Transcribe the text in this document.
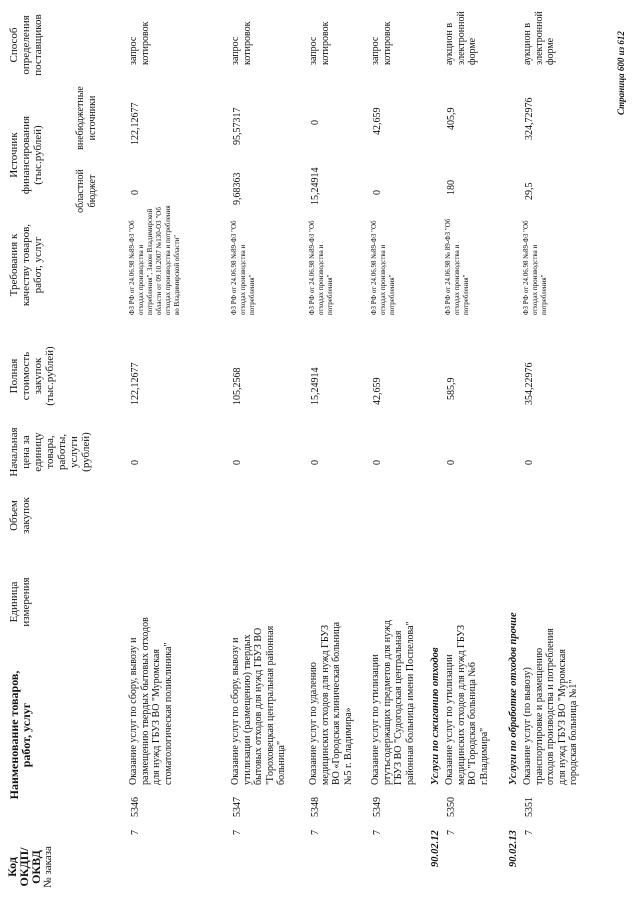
Код
ОКДП/
ОКВД № заказа
Наименование товаров, работ, услуг
Единица измерения
Объем закупок
Начальная цена за единицу товара, работы, услуги (рублей)
Полная стоимость закупок (тыс.рублей)
Требования к качеству товаров, работ, услуг
Источник финансирования (тыс.рублей)
областной бюджет
внебюджетные источники
Способ определения поставщиков
7
5346
Оказание услуг по сбору, вывозу и размещению твердых бытовых отходов для нужд ГБУЗ ВО "Муромская стоматологическая поликлиника"
0
122,12677
ФЗ РФ от 24.06.98 №89-ФЗ "Об отходах производства и потребления", Закон Владимирской области от 09.10.2007 №130-ОЗ "Об отходах производства и потребления во Владимирской области"
0
122,12677
запрос котировок
7
5347
Оказание услуг по сбору, вывозу и утилизации (размещению) твердых бытовых отходов для нужд ГБУЗ ВО "Гороховецкая центральная районная больница"
0
105,2568
ФЗ РФ от 24.06.98 №89-ФЗ "Об отходах производства и потребления"
9,68363
95,57317
запрос котировок
7
5348
Оказание услуг по удалению медицинских отходов для нужд ГБУЗ ВО «Городская клиническая больница №5 г. Владимира»
0
15,24914
ФЗ РФ от 24.06.98 №89-ФЗ "Об отходах производства и потребления"
15,24914
0
запрос котировок
7
5349
Оказание услуг по утилизации ртутьсодержащих предметов для нужд ГБУЗ ВО "Судогодская центральная районная больница имени Поспелова"
0
42,659
ФЗ РФ от 24.06.98 №89-ФЗ "Об отходах производства и потребления"
0
42,659
запрос котировок
90.02.12
Услуги по сжиганию отходов
7
5350
Оказание услуг по утилизации медицинских отходов для нужд ГБУЗ ВО "Городская больница №6 г.Владимира"
0
585,9
ФЗ РФ от 24.06.98 № 89-ФЗ "Об отходах производства и потребления"
180
405,9
аукцион в электронной форме
90.02.13
Услуги по обработке отходов прочие
7
5351
Оказание услуг (по вывозу) транспортировке и размещению отходов производства и потребления для нужд ГБУЗ ВО "Муромская городская больница №1"
0
354,22976
ФЗ РФ от 24.06.98 №89-ФЗ "Об отходах производства и потребления"
29,5
324,72976
аукцион в электронной форме	Страница 600 из 612
